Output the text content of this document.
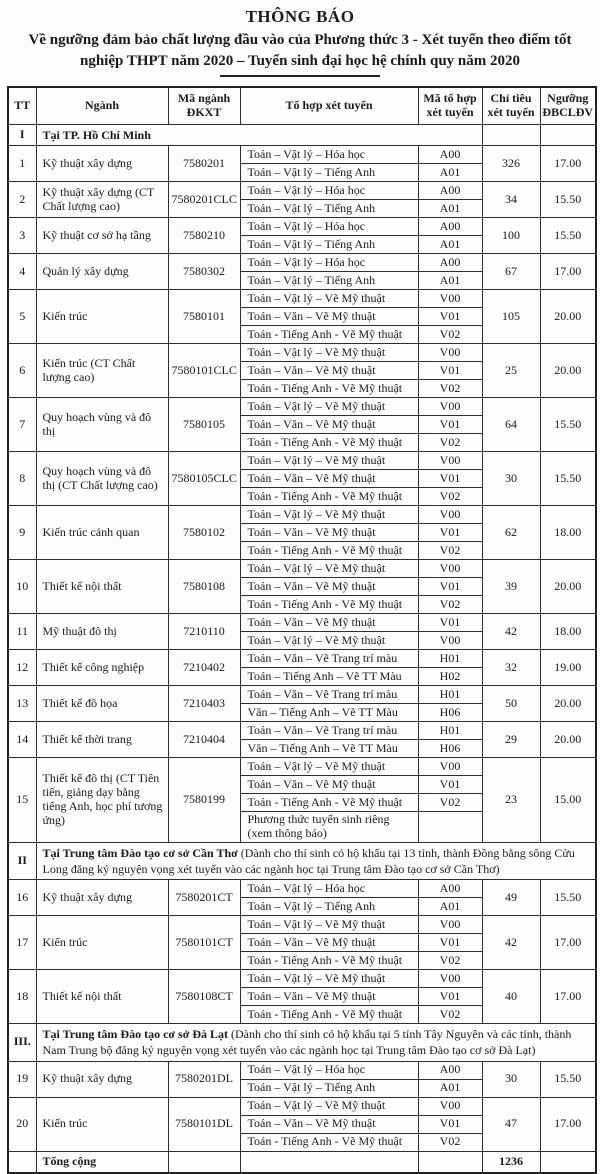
THÔNG BÁO
Về ngưỡng đảm bảo chất lượng đầu vào của Phương thức 3 - Xét tuyển theo điểm tốt nghiệp THPT năm 2020 – Tuyển sinh đại học hệ chính quy năm 2020
TT	Ngành	Mã ngành ĐKXT	Tổ hợp xét tuyển	Mã tổ hợp xét tuyển	Chỉ tiêu xét tuyển	Ngưỡng ĐBCLĐV
I	Tại TP. Hồ Chí Minh					
1	Kỹ thuật xây dựng	7580201	Toán – Vật lý – Hóa học	A00	326	17.00
			Toán – Vật lý – Tiếng Anh	A01		
2	Kỹ thuật xây dựng (CT Chất lượng cao)	7580201CLC	Toán – Vật lý – Hóa học	A00	34	15.50
			Toán – Vật lý – Tiếng Anh	A01		
3	Kỹ thuật cơ sở hạ tầng	7580210	Toán – Vật lý – Hóa học	A00	100	15.50
			Toán – Vật lý – Tiếng Anh	A01		
4	Quản lý xây dựng	7580302	Toán – Vật lý – Hóa học	A00	67	17.00
			Toán – Vật lý – Tiếng Anh	A01		
5	Kiến trúc	7580101	Toán – Vật lý – Vẽ Mỹ thuật	V00	105	20.00
			Toán – Văn – Vẽ Mỹ thuật	V01		
			Toán - Tiếng Anh - Vẽ Mỹ thuật	V02		
6	Kiến trúc (CT Chất lượng cao)	7580101CLC	Toán – Vật lý – Vẽ Mỹ thuật	V00	25	20.00
			Toán – Văn – Vẽ Mỹ thuật	V01		
			Toán - Tiếng Anh - Vẽ Mỹ thuật	V02		
7	Quy hoạch vùng và đô thị	7580105	Toán – Vật lý – Vẽ Mỹ thuật	V00	64	15.50
			Toán – Văn – Vẽ Mỹ thuật	V01		
			Toán - Tiếng Anh - Vẽ Mỹ thuật	V02		
8	Quy hoạch vùng và đô thị (CT Chất lượng cao)	7580105CLC	Toán – Vật lý – Vẽ Mỹ thuật	V00	30	15.50
			Toán – Văn – Vẽ Mỹ thuật	V01		
			Toán - Tiếng Anh - Vẽ Mỹ thuật	V02		
9	Kiến trúc cảnh quan	7580102	Toán – Vật lý – Vẽ Mỹ thuật	V00	62	18.00
			Toán – Văn – Vẽ Mỹ thuật	V01		
			Toán - Tiếng Anh - Vẽ Mỹ thuật	V02		
10	Thiết kế nội thất	7580108	Toán – Vật lý – Vẽ Mỹ thuật	V00	39	20.00
			Toán – Văn – Vẽ Mỹ thuật	V01		
			Toán - Tiếng Anh - Vẽ Mỹ thuật	V02		
11	Mỹ thuật đô thị	7210110	Toán – Văn – Vẽ Mỹ thuật	V01	42	18.00
			Toán – Vật lý – Vẽ Mỹ thuật	V00		
12	Thiết kế công nghiệp	7210402	Toán – Văn – Vẽ Trang trí màu	H01	32	19.00
			Toán – Tiếng Anh – Vẽ TT Màu	H02		
13	Thiết kế đồ họa	7210403	Toán – Văn – Vẽ Trang trí màu	H01	50	20.00
			Văn – Tiếng Anh – Vẽ TT Màu	H06		
14	Thiết kế thời trang	7210404	Toán – Văn – Vẽ Trang trí màu	H01	29	20.00
			Văn – Tiếng Anh – Vẽ TT Màu	H06		
15	Thiết kế đô thị (CT Tiên tiến, giảng dạy bằng tiếng Anh, học phí tương ứng)	7580199	Toán – Vật lý – Vẽ Mỹ thuật	V00	23	15.00
			Toán – Văn – Vẽ Mỹ thuật	V01		
			Toán - Tiếng Anh - Vẽ Mỹ thuật	V02		
			Phương thức tuyển sinh riêng (xem thông báo)			
II	Tại Trung tâm Đào tạo cơ sở Cần Thơ (Dành cho thí sinh có hộ khẩu tại 13 tỉnh, thành Đồng bằng sông Cửu Long đăng ký nguyện vọng xét tuyển vào các ngành học tại Trung tâm Đào tạo cơ sở Cần Thơ)					
16	Kỹ thuật xây dựng	7580201CT	Toán – Vật lý – Hóa học	A00	49	15.50
			Toán – Vật lý – Tiếng Anh	A01		
17	Kiến trúc	7580101CT	Toán – Vật lý – Vẽ Mỹ thuật	V00	42	17.00
			Toán – Văn – Vẽ Mỹ thuật	V01		
			Toán - Tiếng Anh - Vẽ Mỹ thuật	V02		
18	Thiết kế nội thất	7580108CT	Toán – Vật lý – Vẽ Mỹ thuật	V00	40	17.00
			Toán – Văn – Vẽ Mỹ thuật	V01		
			Toán - Tiếng Anh - Vẽ Mỹ thuật	V02		
III.	Tại Trung tâm Đào tạo cơ sở Đà Lạt (Dành cho thí sinh có hộ khẩu tại 5 tỉnh Tây Nguyên và các tỉnh, thành Nam Trung bộ đăng ký nguyện vọng xét tuyển vào các ngành học tại Trung tâm Đào tạo cơ sở Đà Lạt)					
19	Kỹ thuật xây dựng	7580201DL	Toán – Vật lý – Hóa học	A00	30	15.50
			Toán – Vật lý – Tiếng Anh	A01		
20	Kiến trúc	7580101DL	Toán – Vật lý – Vẽ Mỹ thuật	V00	47	17.00
			Toán – Văn – Vẽ Mỹ thuật	V01		
			Toán - Tiếng Anh - Vẽ Mỹ thuật	V02		
	Tổng cộng				1236	
